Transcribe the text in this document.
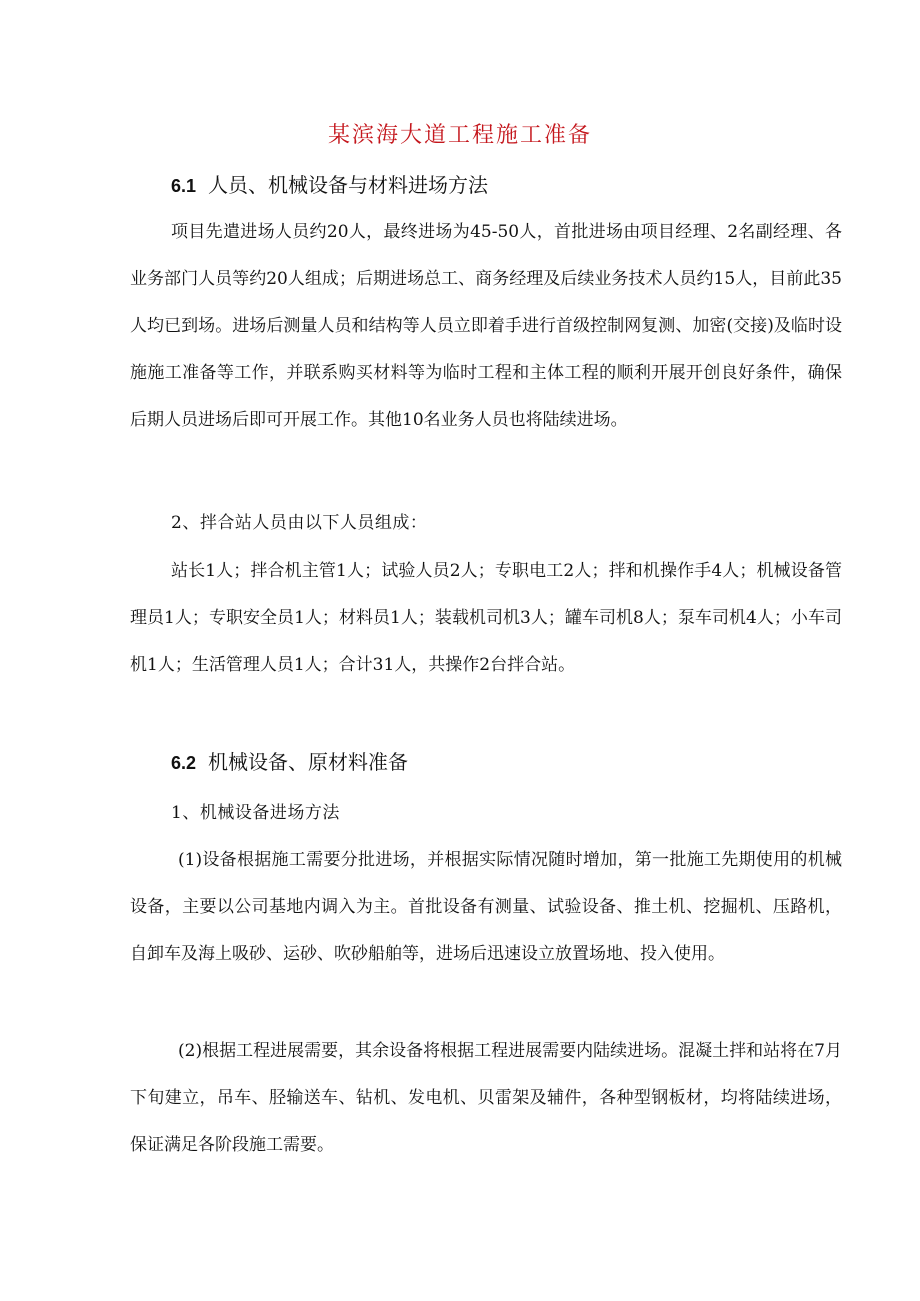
某滨海大道工程施工准备
6.1 人员、机械设备与材料进场方法
项目先遣进场人员约20人，最终进场为45-50人，首批进场由项目经理、2名副经理、各业务部门人员等约20人组成；后期进场总工、商务经理及后续业务技术人员约15人，目前此35人均已到场。进场后测量人员和结构等人员立即着手进行首级控制网复测、加密(交接)及临时设施施工准备等工作，并联系购买材料等为临时工程和主体工程的顺利开展开创良好条件，确保后期人员进场后即可开展工作。其他10名业务人员也将陆续进场。
2、拌合站人员由以下人员组成：
站长1人；拌合机主管1人；试验人员2人；专职电工2人；拌和机操作手4人；机械设备管理员1人；专职安全员1人；材料员1人；装载机司机3人；罐车司机8人；泵车司机4人；小车司机1人；生活管理人员1人；合计31人，共操作2台拌合站。
6.2 机械设备、原材料准备
1、机械设备进场方法
(1)设备根据施工需要分批进场，并根据实际情况随时增加，第一批施工先期使用的机械设备，主要以公司基地内调入为主。首批设备有测量、试验设备、推土机、挖掘机、压路机，自卸车及海上吸砂、运砂、吹砂船舶等，进场后迅速设立放置场地、投入使用。
(2)根据工程进展需要，其余设备将根据工程进展需要内陆续进场。混凝土拌和站将在7月下旬建立，吊车、胫输送车、钻机、发电机、贝雷架及辅件，各种型钢板材，均将陆续进场，保证满足各阶段施工需要。
